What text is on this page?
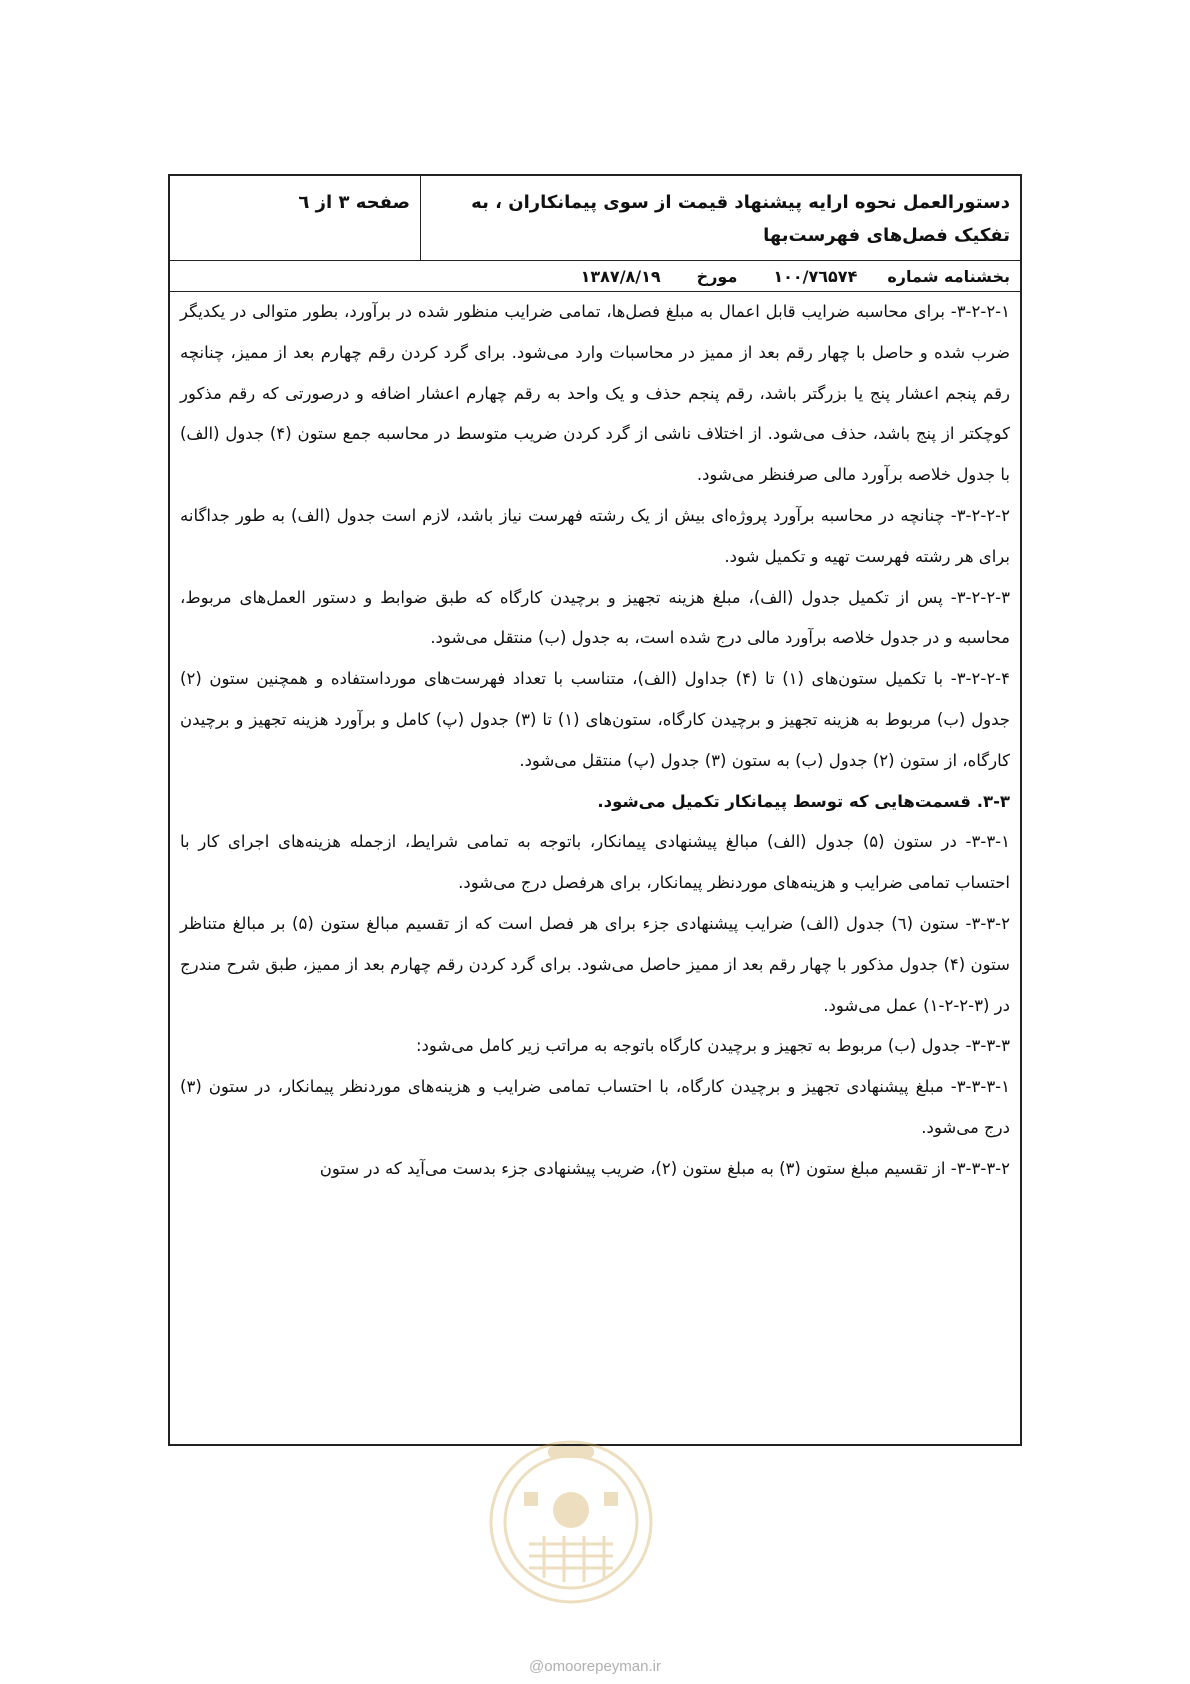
دستورالعمل نحوه ارایه پیشنهاد قیمت از سوی پیمانکاران ، به تفکیک فصل‌های فهرست‌بها
صفحه ۳ از ٦
بخشنامه شماره
۱۰۰/۷٦۵۷۴
مورخ
۱۳۸۷/۸/۱۹

۳-۲-۲-۱- برای محاسبه ضرایب قابل اعمال به مبلغ فصل‌ها، تمامی ضرایب منظور شده در برآورد، بطور متوالی در یکدیگر ضرب شده و حاصل با چهار رقم بعد از ممیز در محاسبات وارد می‌شود. برای گرد کردن رقم چهارم بعد از ممیز، چنانچه رقم پنجم اعشار پنج یا بزرگتر باشد، رقم پنجم حذف و یک واحد به رقم چهارم اعشار اضافه و درصورتی که رقم مذکور کوچکتر از پنج باشد، حذف می‌شود. از اختلاف ناشی از گرد کردن ضریب متوسط در محاسبه جمع ستون (۴) جدول (الف) با جدول خلاصه برآورد مالی صرفنظر می‌شود.

۳-۲-۲-۲- چنانچه در محاسبه برآورد پروژه‌ای بیش از یک رشته فهرست نیاز باشد، لازم است جدول (الف) به طور جداگانه برای هر رشته فهرست تهیه و تکمیل شود.

۳-۲-۲-۳- پس از تکمیل جدول (الف)، مبلغ هزینه تجهیز و برچیدن کارگاه که طبق ضوابط و دستور العمل‌های مربوط، محاسبه و در جدول خلاصه برآورد مالی درج شده است، به جدول (ب) منتقل می‌شود.

۳-۲-۲-۴- با تکمیل ستون‌های (۱) تا (۴) جداول (الف)، متناسب با تعداد فهرست‌های مورداستفاده و همچنین ستون (۲) جدول (ب) مربوط به هزینه تجهیز و برچیدن کارگاه، ستون‌های (۱) تا (۳) جدول (پ) کامل و برآورد هزینه تجهیز و برچیدن کارگاه، از ستون (۲) جدول (ب) به ستون (۳) جدول (پ) منتقل می‌شود.

۳-۳. قسمت‌هایی که توسط پیمانکار تکمیل می‌شود.

۳-۳-۱- در ستون (۵) جدول (الف) مبالغ پیشنهادی پیمانکار، باتوجه به تمامی شرایط، ازجمله هزینه‌های اجرای کار با احتساب تمامی ضرایب و هزینه‌های موردنظر پیمانکار، برای هرفصل درج می‌شود.

۳-۳-۲- ستون (٦) جدول (الف) ضرایب پیشنهادی جزء برای هر فصل است که از تقسیم مبالغ ستون (۵) بر مبالغ متناظر ستون (۴) جدول مذکور با چهار رقم بعد از ممیز حاصل می‌شود. برای گرد کردن رقم چهارم بعد از ممیز، طبق شرح مندرج در (۳-۲-۲-۱) عمل می‌شود.

۳-۳-۳- جدول (ب) مربوط به تجهیز و برچیدن کارگاه باتوجه به مراتب زیر کامل می‌شود:

۳-۳-۳-۱- مبلغ پیشنهادی تجهیز و برچیدن کارگاه، با احتساب تمامی ضرایب و هزینه‌های موردنظر پیمانکار، در ستون (۳) درج می‌شود.

۳-۳-۳-۲- از تقسیم مبلغ ستون (۳) به مبلغ ستون (۲)، ضریب پیشنهادی جزء بدست می‌آید که در ستون

@omoorepeyman.ir
